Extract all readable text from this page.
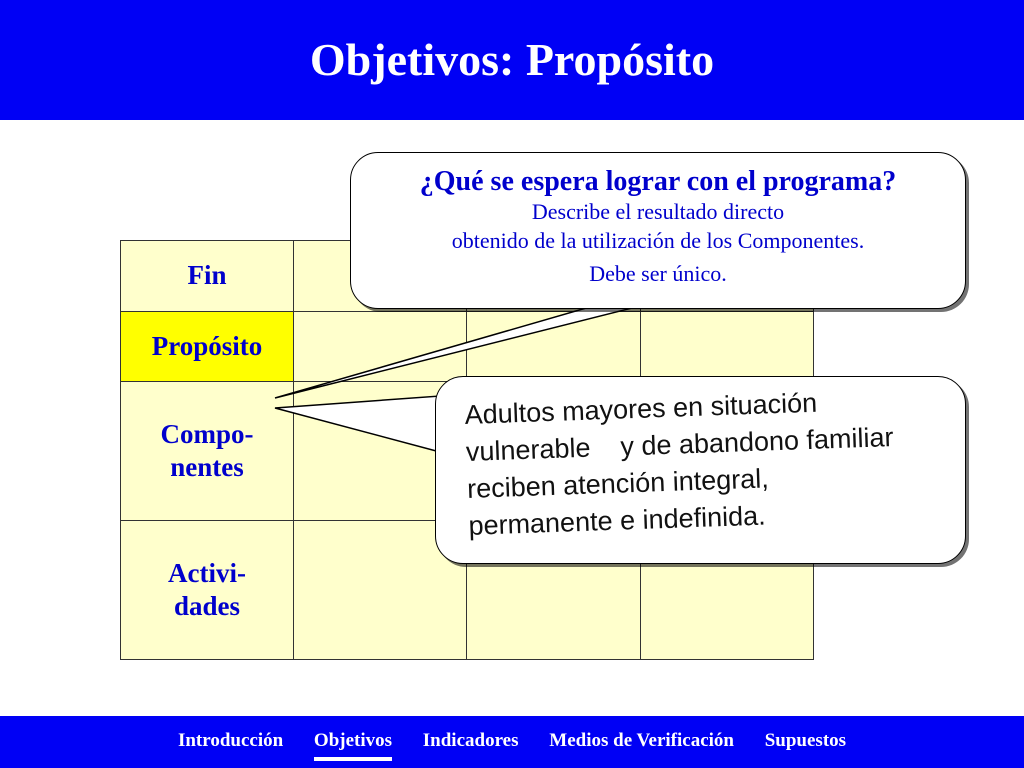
Objetivos: Propósito
Fin			
Propósito			
Compo-
nentes			
Activi-
dades			
¿Qué se espera lograr con el programa?
Describe el resultado directo
obtenido de la utilización de los Componentes.
Debe ser único.
Adultos mayores en situación
vulnerable    y de abandono familiar
reciben atención integral,
permanente e indefinida.
Introducción Objetivos Indicadores Medios de Verificación Supuestos
